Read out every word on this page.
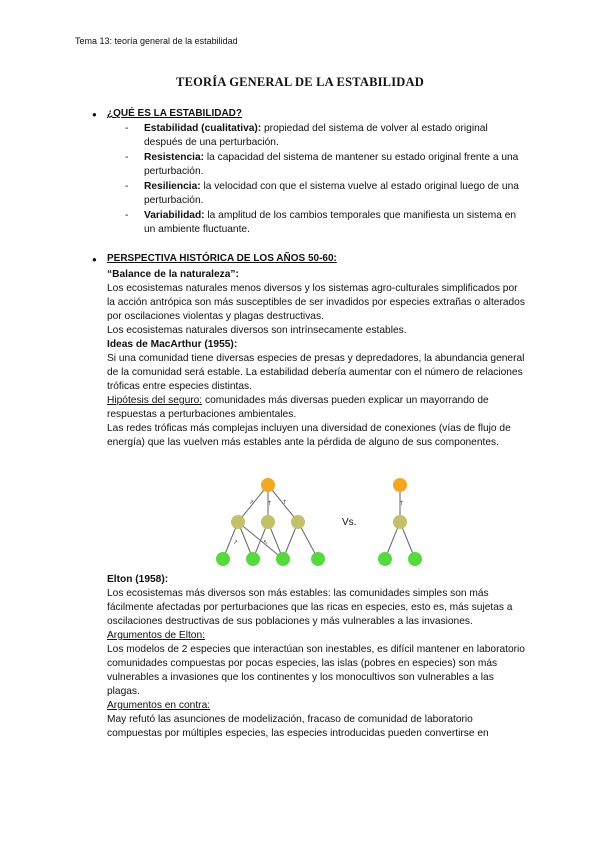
Tema 13: teoría general de la estabilidad
TEORÍA GENERAL DE LA ESTABILIDAD
● ¿QUÉ ES LA ESTABILIDAD?
- Estabilidad (cualitativa): propiedad del sistema de volver al estado original después de una perturbación.
- Resistencia: la capacidad del sistema de mantener su estado original frente a una perturbación.
- Resiliencia: la velocidad con que el sistema vuelve al estado original luego de una perturbación.
- Variabilidad: la amplitud de los cambios temporales que manifiesta un sistema en un ambiente fluctuante.
● PERSPECTIVA HISTÓRICA DE LOS AÑOS 50-60:

“Balance de la naturaleza”:

Los ecosistemas naturales menos diversos y los sistemas agro-culturales simplificados por la acción antrópica son más susceptibles de ser invadidos por especies extrañas o alterados por oscilaciones violentas y plagas destructivas.

Los ecosistemas naturales diversos son intrínsecamente estables.

Ideas de MacArthur (1955):

Si una comunidad tiene diversas especies de presas y depredadores, la abundancia general de la comunidad será estable. La estabilidad debería aumentar con el número de relaciones tróficas entre especies distintas.

Hipótesis del seguro: comunidades más diversas pueden explicar un mayorrando de respuestas a perturbaciones ambientales.

Las redes tróficas más complejas incluyen una diversidad de conexiones (vías de flujo de energía) que las vuelven más estables ante la pérdida de alguno de sus componentes.

↗ ↑ ↑
↗	↖
↑
Vs.

Elton (1958):

Los ecosistemas más diversos son más estables: las comunidades simples son más fácilmente afectadas por perturbaciones que las ricas en especies, esto es, más sujetas a oscilaciones destructivas de sus poblaciones y más vulnerables a las invasiones.

Argumentos de Elton:

Los modelos de 2 especies que interactúan son inestables, es difícil mantener en laboratorio comunidades compuestas por pocas especies, las islas (pobres en especies) son más vulnerables a invasiones que los continentes y los monocultivos son vulnerables a las plagas.

Argumentos en contra:

May refutó las asunciones de modelización, fracaso de comunidad de laboratorio compuestas por múltiples especies, las especies introducidas pueden convertirse en
